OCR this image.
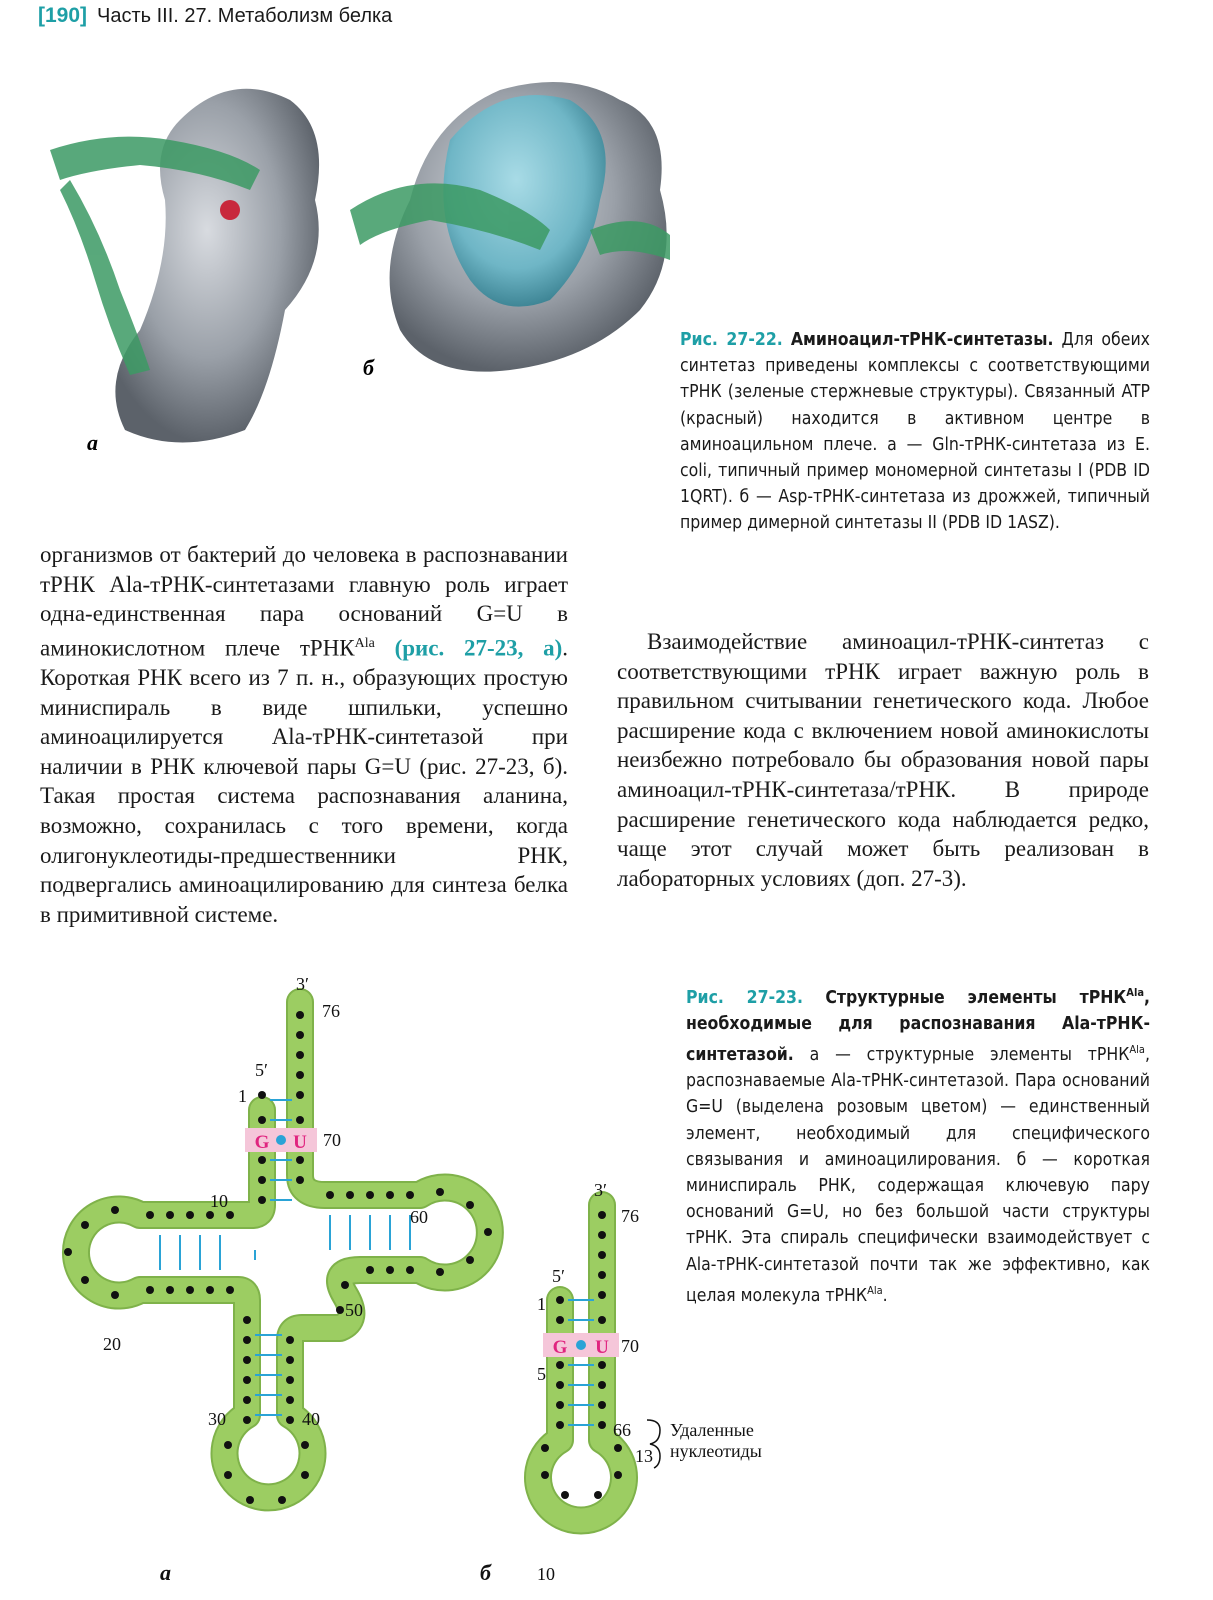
[190] Часть III. 27. Метаболизм белка
а
б
Рис. 27-22. Аминоацил-тРНК-синтетазы. Для обеих синтетаз приведены комплексы с соответствующими тРНК (зеленые стержневые структуры). Связанный ATP (красный) находится в активном центре в аминоацильном плече. а — Gln-тРНК-синтетаза из E. coli, типичный пример мономерной синтетазы I (PDB ID 1QRT). б — Asp-тРНК-синтетаза из дрожжей, типичный пример димерной синтетазы II (PDB ID 1ASZ).

организмов от бактерий до человека в распознавании тРНК Ala-тРНК-синтетазами главную роль играет одна-единственная пара оснований G=U в аминокислотном плече тРНК$^{Ala}$ (рис. 27-23, а). Короткая РНК всего из 7 п. н., образующих простую миниспираль в виде шпильки, успешно аминоацилируется Ala-тРНК-синтетазой при наличии в РНК ключевой пары G=U (рис. 27-23, б). Такая простая система распознавания аланина, возможно, сохранилась с того времени, когда олигонуклеотиды-предшественники РНК, подвергались аминоацилированию для синтеза белка в примитивной системе.

Взаимодействие аминоацил-тРНК-синтетаз с соответствующими тРНК играет важную роль в правильном считывании генетического кода. Любое расширение кода с включением новой аминокислоты неизбежно потребовало бы образования новой пары аминоацил-тРНК-синтетаза/тРНК. В природе расширение генетического кода наблюдается редко, чаще этот случай может быть реализован в лабораторных условиях (доп. 27-3).

Рис. 27-23. Структурные элементы тРНК$^{Ala}$, необходимые для распознавания Ala-тРНК-синтетазой. а — структурные элементы тРНК$^{Ala}$, распознаваемые Ala-тРНК-синтетазой. Пара оснований G=U (выделена розовым цветом) — единственный элемент, необходимый для специфического связывания и аминоацилирования. б — короткая миниспираль РНК, содержащая ключевую пару оснований G=U, но без большой части структуры тРНК. Эта спираль специфически взаимодействует с Ala-тРНК-синтетазой почти так же эффективно, как целая молекула тРНК$^{Ala}$.
G U
G U
3′
76
5′
1
70
60
10
50
20
30	40
а
3′
76
5′
1
70
5
66
13
10
б
Удаленные
нуклеотиды
